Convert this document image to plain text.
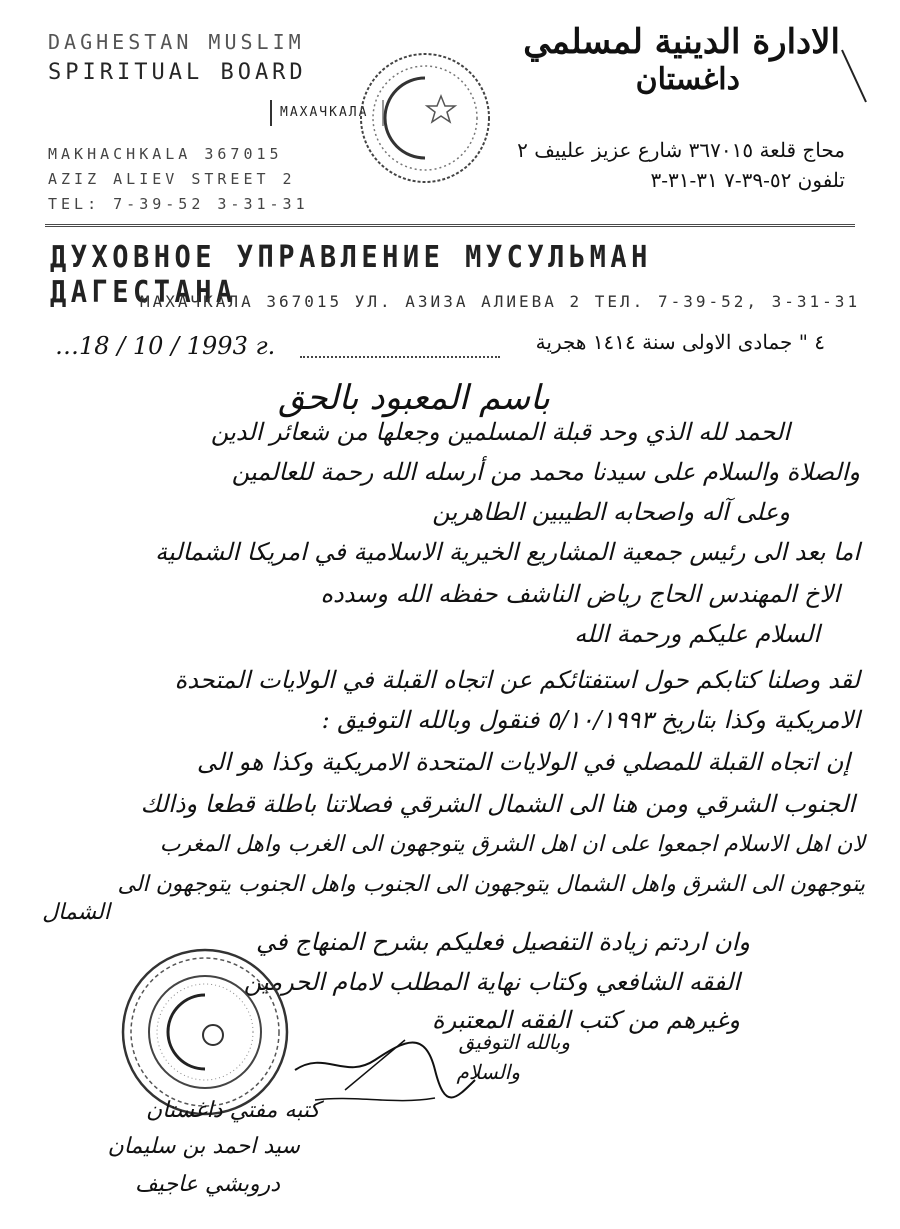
DAGHESTAN MUSLIM
SPIRITUAL BOARD
МАХАЧКАЛА
MAKHACHKALA 367015
AZIZ ALIEV STREET 2
TEL: 7-39-52 3-31-31
الادارة الدينية لمسلمي
داغستان
محاج قلعة ٣٦٧٠١٥ شارع عزيز علييف ٢
تلفون ٥٢-٣٩-٧ ٣١-٣١-٣
ДУХОВНОЕ УПРАВЛЕНИЕ МУСУЛЬМАН ДАГЕСТАНА
МАХАЧКАЛА 367015 УЛ. АЗИЗА АЛИЕВА 2 ТЕЛ. 7-39-52, 3-31-31
…18 / 10 / 1993 г.	٤ " جمادى الاولى سنة ١٤١٤ هجرية
باسم المعبود بالحق
الحمد لله الذي وحد قبلة المسلمين وجعلها من شعائر الدين
والصلاة والسلام على سيدنا محمد من أرسله الله رحمة للعالمين
وعلى آله واصحابه الطيبين الطاهرين
اما بعد الى رئيس جمعية المشاريع الخيرية الاسلامية في امريكا الشمالية
الاخ المهندس الحاج رياض الناشف حفظه الله وسدده
السلام عليكم ورحمة الله
لقد وصلنا كتابكم حول استفتائكم عن اتجاه القبلة في الولايات المتحدة
الامريكية وكذا بتاريخ ٥/١٠/١٩٩٣ فنقول وبالله التوفيق :
إن اتجاه القبلة للمصلي في الولايات المتحدة الامريكية وكذا هو الى
الجنوب الشرقي ومن هنا الى الشمال الشرقي فصلاتنا باطلة قطعا وذالك
لان اهل الاسلام اجمعوا على ان اهل الشرق يتوجهون الى الغرب واهل المغرب
يتوجهون الى الشرق واهل الشمال يتوجهون الى الجنوب واهل الجنوب يتوجهون الى
الشمال
وان اردتم زيادة التفصيل فعليكم بشرح المنهاج في
الفقه الشافعي وكتاب نهاية المطلب لامام الحرمين
وغيرهم من كتب الفقه المعتبرة
وبالله التوفيق
والسلام
كتبه مفتي داغستان
سيد احمد بن سليمان
دروبشي عاجيف
